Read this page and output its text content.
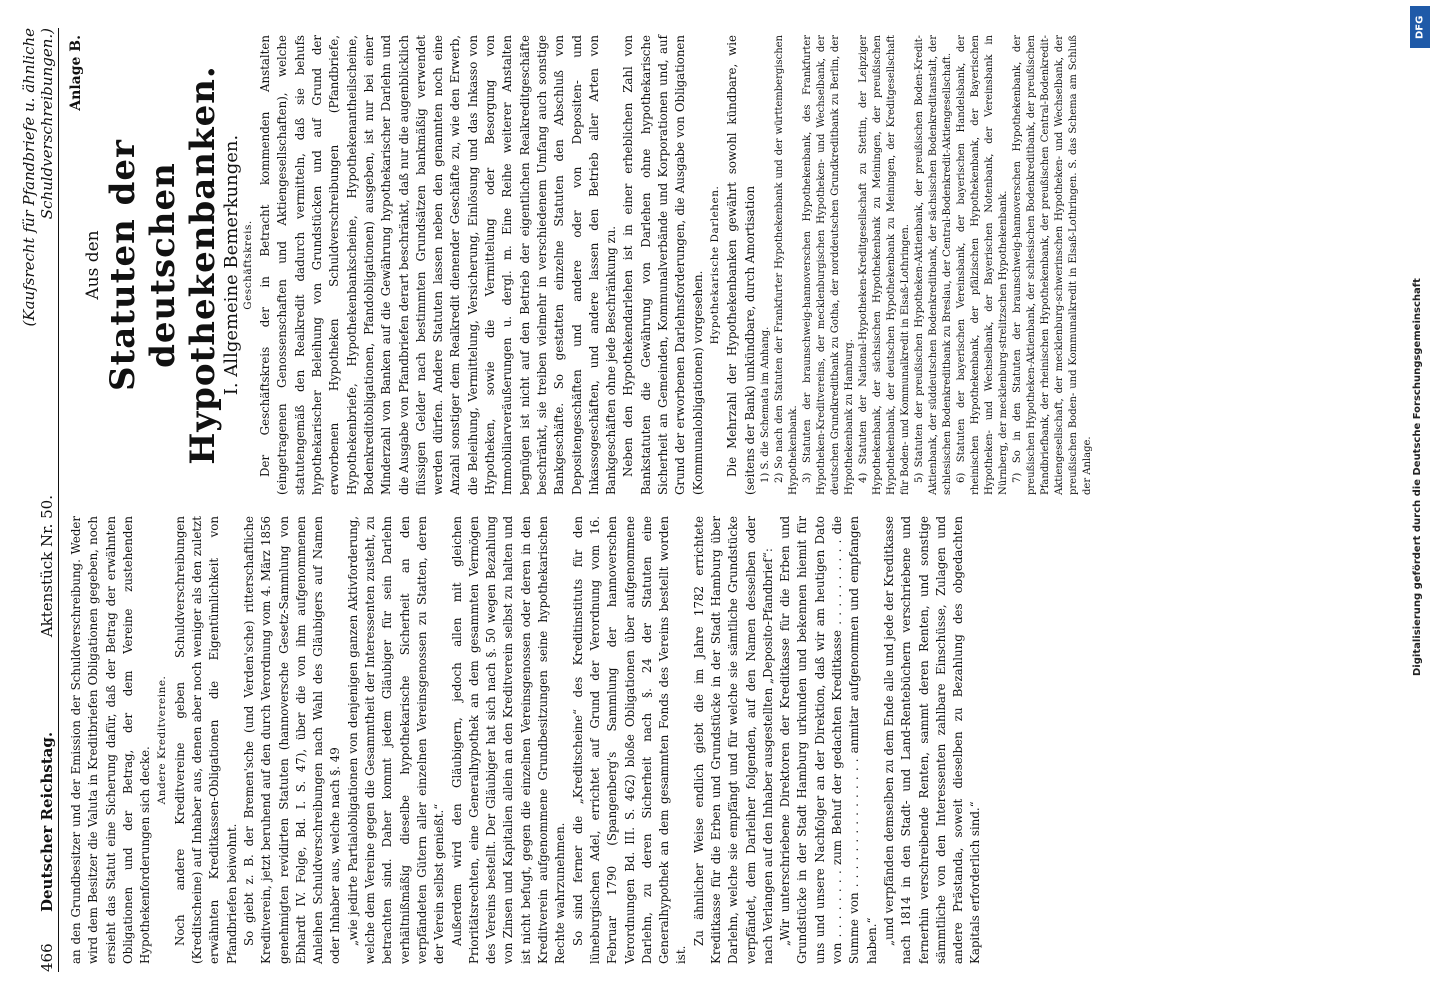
466
Deutscher Reichstag.
Aktenstück Nr. 50.
(Kaufsrecht für Pfandbriefe u. ähnliche Schuldverschreibungen.)

an den Grundbesitzer und der Emission der Schuldverschreibung. Weder wird dem Besitzer die Valuta in Kreditbriefen Obligationen gegeben, noch ersieht das Statut eine Sicherung dafür, daß der Betrag der erwähnten Obligationen und der Betrag, der dem Vereine zustehenden Hypothekenforderungen sich decke.

Andere Kreditvereine. Noch andere Kreditvereine geben Schuldverschreibungen (Kreditscheine) auf Inhaber aus, denen aber noch weniger als den zuletzt erwähnten Kreditkassen-Obligationen die Eigentümlichkeit von Pfandbriefen beiwohnt. So giebt z. B. der Bremen'sche (und Verden'sche) ritterschaftliche Kreditverein, jetzt beruhend auf den durch Verordnung vom 4. März 1856 genehmigten revidirten Statuten (hannoversche Gesetz-Sammlung von Ebhardt IV. Folge, Bd. I. S. 47), über die von ihm aufgenommenen Anleihen Schuldverschreibungen nach Wahl des Gläubigers auf Namen oder Inhaber aus, welche nach §. 49 „wie jedirte Partialobligationen von denjenigen ganzen Aktivforderung, welche dem Vereine gegen die Gesammtheit der Interessenten zusteht, zu betrachten sind. Daher kommt jedem Gläubiger für sein Darlehn verhältnißmäßig dieselbe hypothekarische Sicherheit an den verpfändeten Gütern aller einzelnen Vereinsgenossen zu Statten, deren der Verein selbst genießt.“ Außerdem wird den Gläubigern, jedoch allen mit gleichen Prioritätsrechten, eine Generalhypothek an dem gesammten Vermögen des Vereins bestellt. Der Gläubiger hat sich nach §. 50 wegen Bezahlung von Zinsen und Kapitalien allein an den Kreditverein selbst zu halten und ist nicht befugt, gegen die einzelnen Vereinsgenossen oder deren in den Kreditverein aufgenommene Grundbesitzungen seine hypothekarischen Rechte wahrzunehmen. So sind ferner die „Kreditscheine“ des Kreditinstituts für den lüneburgischen Adel, errichtet auf Grund der Verordnung vom 16. Februar 1790 (Spangenberg's Sammlung der hannoverschen Verordnungen Bd. III. S. 462) bloße Obligationen über aufgenommene Darlehn, zu deren Sicherheit nach §. 24 der Statuten eine Generalhypothek an dem gesammten Fonds des Vereins bestellt worden ist.

Zu ähnlicher Weise endlich giebt die im Jahre 1782 errichtete Kreditkasse für die Erben und Grundstücke in der Stadt Hamburg über Darlehn, welche sie empfängt und für welche sie sämtliche Grundstücke verpfändet, dem Darleiher folgenden, auf den Namen desselben oder nach Verlangen auf den Inhaber ausgestellten „Deposito-Pfandbrief“: „Wir unterschriebene Direktoren der Kreditkasse für die Erben und Grundstücke in der Stadt Hamburg urkunden und bekennen hiemit für uns und unsere Nachfolger an der Direktion, daß wir am heutigen Dato von . . . . . . . . zum Behuf der gedachten Kreditkasse . . . . . . . . . . die Summe von . . . . . . . . . . . . . . . anmitar aufgenommen und empfangen haben.“ „und verpfänden demselben zu dem Ende alle und jede der Kreditkasse nach 1814 in den Stadt- und Land-Rentebüchern verschriebene und fernerhin verschreibende Renten, sammt deren Renten, und sonstige sämmtliche von den Interessenten zahlbare Einschüsse, Zulagen und andere Prästanda, soweit dieselben zu Bezahlung des obgedachten Kapitals erforderlich sind.“

Anlage B.

Aus den Statuten der deutschen Hypothekenbanken.

I. Allgemeine Bemerkungen. Geschäftskreis. Der Geschäftskreis der in Betracht kommenden Anstalten (eingetragenen Genossenschaften und Aktiengesellschaften), welche statutengemäß den Realkredit dadurch vermitteln, daß sie behufs hypothekarischer Beleihung von Grundstücken und auf Grund der erworbenen Hypotheken Schuldverschreibungen (Pfandbriefe, Hypothekenbriefe, Hypothekenbankscheine, Hypothekenantheilscheine, Bodenkreditobligationen, Pfandobligationen) ausgeben, ist nur bei einer Minderzahl von Banken auf die Gewährung hypothekarischer Darlehn und die Ausgabe von Pfandbriefen derart beschränkt, daß nur die augenblicklich flüssigen Gelder nach bestimmten Grundsätzen bankmäßig verwendet werden dürfen. Andere Statuten lassen neben den genannten noch eine Anzahl sonstiger dem Realkredit dienender Geschäfte zu, wie den Erwerb, die Beleihung, Vermittelung, Versicherung, Einlösung und das Inkasso von Hypotheken, sowie die Vermittelung oder Besorgung von Immobiliarveräußerungen u. dergl. m. Eine Reihe weiterer Anstalten begnügen ist nicht auf den Betrieb der eigentlichen Realkreditgeschäfte beschränkt, sie treiben vielmehr in verschiedenem Umfang auch sonstige Bankgeschäfte. So gestatten einzelne Statuten den Abschluß von Depositengeschäften und andere oder von Depositen- und Inkassogeschäften, und andere lassen den Betrieb aller Arten von Bankgeschäften ohne jede Beschränkung zu. Neben den Hypothekendarlehen ist in einer erheblichen Zahl von Bankstatuten die Gewährung von Darlehen ohne hypothekarische Sicherheit an Gemeinden, Kommunalverbände und Korporationen und, auf Grund der erworbenen Darlehnsforderungen, die Ausgabe von Obligationen (Kommunalobligationen) vorgesehen.

Hypothekarische Darlehen. Die Mehrzahl der Hypothekenbanken gewährt sowohl kündbare, wie (seitens der Bank) unkündbare, durch Amortisation 1) S. die Schemata im Anhang. 2) So nach den Statuten der Frankfurter Hypothekenbank und der württembergischen Hypothekenbank. 3) Statuten der braunschweig-hannoverschen Hypothekenbank, des Frankfurter Hypotheken-Kreditvereins, der mecklenburgischen Hypotheken- und Wechselbank, der deutschen Grundkreditbank zu Gotha, der norddeutschen Grundkreditbank zu Berlin, der Hypothekenbank zu Hamburg. 4) Statuten der National-Hypotheken-Kreditgesellschaft zu Stettin, der Leipziger Hypothekenbank, der sächsischen Hypothekenbank zu Meiningen, der preußischen Hypothekenbank, der deutschen Hypothekenbank zu Meiningen, der Kreditgesellschaft für Boden- und Kommunalkredit in Elsaß-Lothringen. 5) Statuten der preußischen Hypotheken-Aktienbank, der preußischen Boden-Kredit-Aktienbank, der süddeutschen Bodenkreditbank, der sächsischen Bodenkreditanstalt, der schlesischen Bodenkreditbank zu Breslau, der Central-Bodenkredit-Aktiengesellschaft. 6) Statuten der bayerischen Vereinsbank, der bayerischen Handelsbank, der rheinischen Hypothekenbank, der pfälzischen Hypothekenbank, der Bayerischen Hypotheken- und Wechselbank, der Bayerischen Notenbank, der Vereinsbank in Nürnberg, der mecklenburg-strelitzschen Hypothekenbank. 7) So in den Statuten der braunschweig-hannoverschen Hypothekenbank, der preußischen Hypotheken-Aktienbank, der schlesischen Bodenkreditbank, der preußischen Pfandbriefbank, der rheinischen Hypothekenbank, der preußischen Central-Bodenkredit-Aktiengesellschaft, der mecklenburg-schwerinschen Hypotheken- und Wechselbank, der preußischen Boden- und Kommunalkredit in Elsaß-Lothringen. S. das Schema am Schluß der Anlage.

DFG
Digitalisierung gefördert durch die Deutsche Forschungsgemeinschaft
